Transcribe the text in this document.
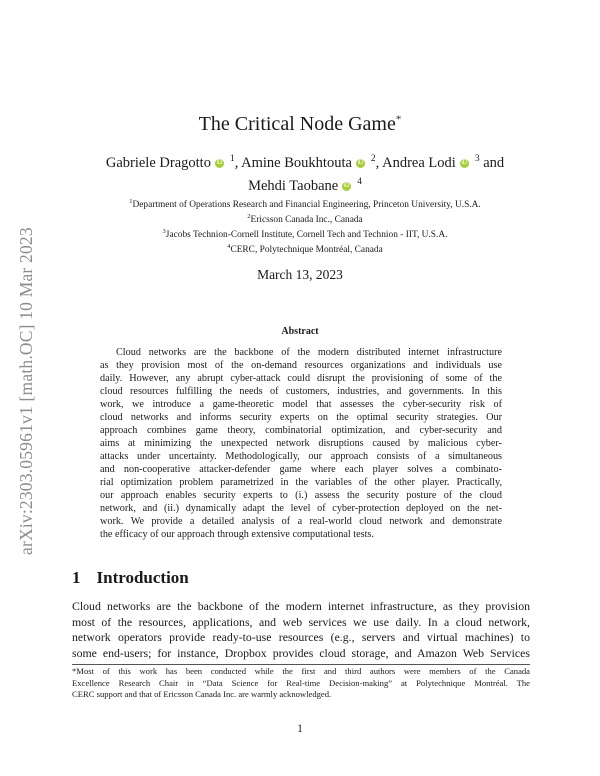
arXiv:2303.05961v1 [math.OC] 10 Mar 2023
The Critical Node Game*
Gabriele Dragotto iD $^1$, Amine Boukhtouta iD $^2$, Andrea Lodi iD $^3$ and
Mehdi Taobane iD $^4$
$^1$Department of Operations Research and Financial Engineering, Princeton University, U.S.A.
$^2$Ericsson Canada Inc., Canada
$^3$Jacobs Technion-Cornell Institute, Cornell Tech and Technion - IIT, U.S.A.
$^4$CERC, Polytechnique Montréal, Canada
March 13, 2023
Abstract
Cloud networks are the backbone of the modern distributed internet infrastructure
as they provision most of the on-demand resources organizations and individuals use
daily. However, any abrupt cyber-attack could disrupt the provisioning of some of the
cloud resources fulfilling the needs of customers, industries, and governments. In this
work, we introduce a game-theoretic model that assesses the cyber-security risk of
cloud networks and informs security experts on the optimal security strategies. Our
approach combines game theory, combinatorial optimization, and cyber-security and
aims at minimizing the unexpected network disruptions caused by malicious cyber-
attacks under uncertainty. Methodologically, our approach consists of a simultaneous
and non-cooperative attacker-defender game where each player solves a combinato-
rial optimization problem parametrized in the variables of the other player. Practically,
our approach enables security experts to (i.) assess the security posture of the cloud
network, and (ii.) dynamically adapt the level of cyber-protection deployed on the net-
work. We provide a detailed analysis of a real-world cloud network and demonstrate
the efficacy of our approach through extensive computational tests.
1 Introduction
Cloud networks are the backbone of the modern internet infrastructure, as they provision
most of the resources, applications, and web services we use daily. In a cloud network,
network operators provide ready-to-use resources (e.g., servers and virtual machines) to
some end-users; for instance, Dropbox provides cloud storage, and Amazon Web Services
*Most of this work has been conducted while the first and third authors were members of the Canada
Excellence Research Chair in “Data Science for Real-time Decision-making” at Polytechnique Montréal. The
CERC support and that of Ericsson Canada Inc. are warmly acknowledged.
1
